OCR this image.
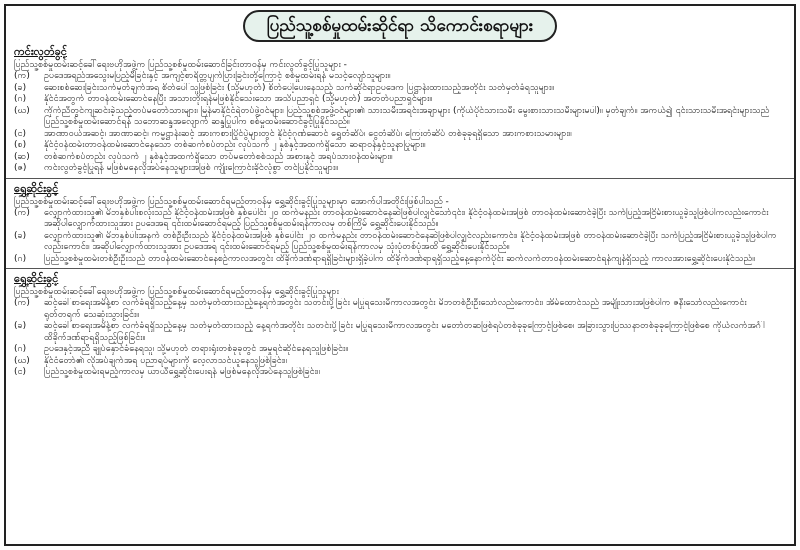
ပြည်သူ့စစ်မှုထမ်းဆိုင်ရာ သိကောင်းစရာများ
ကင်းလွတ်ခွင့်
ပြည်သူ့စစ်မှုထမ်းဆင့်ခေါ်ရေးဗဟိုအဖွဲ့က ပြည်သူ့စစ်မှုထမ်းဆောင်ခြင်းတာဝန်မှ ကင်းလွတ်ခွင့်ပြုသူများ -
(က)	ဥပဒေအရည်အသွေးမပြည့်မီခြင်းနှင့် အကျင့်စာရိတ္တပျက်ပြားခြင်းတို့ကြောင့် စစ်မှုထမ်းရန် မသင့်လျော်သူများ။
(ခ)	ဆေးစစ်ဆေးခြင်းသက်မှတ်ချက်အရ စိတ်ပေါ်သူဖြစ်ခြင်း (သို့မဟုတ်) စိတ်ပေါ့ပေးနေသည့် သက်ဆိုင်ရာဥပဒေက ပြဋ္ဌာန်းထားသည့်အတိုင်း သတ်မှတ်ခံရသူများ။
(ဂ)	နိုင်ငံအတွက် တာဝန်ထမ်းဆောင်နေပြီး အသားတိုးရန်မဖြစ်နိုင်သေးသော အသိပညာရှင် (သို့မဟုတ်) အတတ်ပညာရှင်များ။
(ဃ)	ကိုက်ညီတွင်ကျဆင်းခဲ့သည့်တပ်မတော်သားများ၊ မြန်မာနိုင်ငံရဲတပ်ဖွဲ့ဝင်များ၊ ပြည်သူ့စစ်အဖွဲ့ဝင်များ၏ သားသမီးအရင်းအချာများ (ကိုယ်ပိုင်သားသမီး မွေးစားသားသမီးများမပါ)။ မှတ်ချက်။ အကယ်၍ ၎င်းသားသမီးအရင်းများသည် ပြည်သူ့စစ်မှုထမ်းဆောင်ရန် သဘောဆန္ဒအလျောက် ဆန္ဒပြုပါက စစ်မှုထမ်းဆောင်ခွင့်ပြုနိုင်သည်။
(င)	အာဏာဝယ်အဆင့်၊ အာဏာဆင့်၊ ကမ္မဋ္ဌာန်းဆင့် အားကစားပြိုင်ပွဲများတွင် နိုင်ငံ့ဂုဏ်ဆောင် ရွှေတံဆိပ်၊ ငွေတံဆိပ်၊ ကြေးတံဆိပ် တစ်ခုခုရရှိသော အားကစားသမားများ။
(စ)	နိုင်ငံ့ဝန်ထမ်းတာဝန်ထမ်းဆောင်နေသော တစ်ဆက်စပ်တည်း လုပ်သက် ၂ နှစ်နှင့်အထက်ရှိသော ဆရာဝန်နှင့်သူနာပြုများ။
(ဆ)	တစ်ဆက်စပ်တည်း လုပ်သက် ၂ နှစ်နှင့်အထက်ရှိသော တပ်မတော်စစ်သည် အစားနှင့် အရပ်သားဝန်ထမ်းများ။
(ဇ)	ကင်းလွတ်ခွင့်ပြုရန် မဖြစ်မနေလိုအပ်နေသူများအဖြစ် ကျိုးကြောင်းခိုင်လုံစွာ တင်ပြနိုင်သူများ။
ရွှေ့ဆိုင်းခွင့်
ပြည်သူ့စစ်မှုထမ်းဆင့်ခေါ်ရေးဗဟိုအဖွဲ့က ပြည်သူ့စစ်မှုထမ်းဆောင်ရမည့်တာဝန်မှ ရွှေ့ဆိုင်းခွင့်ပြုသူများမှာ အောက်ပါအတိုင်းဖြစ်ပါသည် -
(က)	လျှောက်ထားသူ၏ မိဘနှစ်ပါးစလုံးသည် နိုင်ငံ့ဝန်ထမ်းအဖြစ် နှစ်ပေါင်း ၂၀ ထက်မနည်း တာဝန်ထမ်းဆောင်နေဆဲဖြစ်ပါလျှင်သော်၎င်း၊ နိုင်ငံ့ဝန်ထမ်းအဖြစ် တာဝန်ထမ်းဆောင်ခဲ့ပြီး သက်ပြည့်အငြိမ်းစားယူခဲ့သူဖြစ်ပါကလည်းကောင်း အဆိုပါလျှောက်ထားသူအား ဥပဒေအရ ၎င်းထမ်းဆောင်ရမည့် ပြည်သူ့စစ်မှုထမ်းရန်ကာလမှ တစ်ကြိမ် ရွှေ့ဆိုင်းပေးနိုင်သည်။
(ခ)	လျှောက်ထားသူ၏ မိဘနှစ်ပါးအနက် တစ်ဦးဦးသည် နိုင်ငံ့ဝန်ထမ်းအဖြစ် နှစ်ပေါင်း ၂၀ ထက်မနည်း တာဝန်ထမ်းဆောင်နေဆဲဖြစ်ပါလျှင်လည်းကောင်း၊ နိုင်ငံ့ဝန်ထမ်းအဖြစ် တာဝန်ထမ်းဆောင်ခဲ့ပြီး သက်ပြည့်အငြိမ်းစားယူခဲ့သူဖြစ်ပါက လည်းကောင်း၊ အဆိုပါလျှောက်ထားသူအား ဥပဒေအရ ၎င်းထမ်းဆောင်ရမည့် ပြည်သူ့စစ်မှုထမ်းရန်ကာလမှ သုံးပုံတစ်ပုံအထိ ရွှေ့ဆိုင်းပေးနိုင်သည်။
(ဂ)	ပြည်သူ့စစ်မှုထမ်းတစ်ဦးဦးသည် တာဝန်ထမ်းဆောင်နေစဉ်ကာလအတွင်း ထိခိုက်ဒဏ်ရာရရှိခြင်းများရှိခဲ့ပါက ထိခိုက်ဒဏ်ရာရရှိသည့်နေ့နောက်ပိုင်း ဆက်လက်တာဝန်ထမ်းဆောင်ရန်ကျန်ရှိသည့် ကာလအားရွှေ့ဆိုင်းပေးနိုင်သည်။
ရွှေ့ဆိုင်းခွင့်
ပြည်သူ့စစ်မှုထမ်းဆင့်ခေါ်ရေးဗဟိုအဖွဲ့က ပြည်သူ့စစ်မှုထမ်းဆောင်ရမည့်တာဝန်မှ ရွှေ့ဆိုင်းခွင့်ပြုသူများ
(က)	ဆင့်ခေါ်စာရေးအမိန့်စာ လက်ခံရရှိသည့်နေ့မှ သတ်မှတ်ထားသည့်နေ့ရက်အတွင်း သတင်းပို့ခြင်း မပြုရသေးမီကာလအတွင်း မိဘတစ်ဦးဦးသော်လည်းကောင်း၊ အိမ်ထောင်သည် အမျိုးသားအဖြစ်ပါက ဇနီးသော်လည်းကောင်း ရုတ်တရက် သေဆုံးသွားခြင်း။
(ခ)	ဆင့်ခေါ်စာရေးအမိန့်စာ လက်ခံရရှိသည့်နေ့မှ သတ်မှတ်ထားသည့် နေ့ရက်အတိုင်း သတင်းပို့ခြင်း မပြုရသေးမီကာလအတွင်း မတော်တဆဖြစ်ရပ်တစ်ခုခုကြောင့်ဖြစ်စေ၊ အခြားသွားပြဿနာတစ်ခုခုကြောင့်ဖြစ်စေ ကိုယ်လက်အင်္ဂါ ထိခိုက်ဒဏ်ရာရရှိသည့်ဖြစ်ခြင်း။
(ဂ)	ဥပဒေနှင့်အညီ ချုပ်နှောင်ခံနေရသူ၊ သို့မဟုတ် တရားရုံးတစ်ခုခုတွင် အမှုရင်ဆိုင်နေရသူဖြစ်ခြင်း။
(ဃ)	နိုင်ငံတော်၏ လိုအပ်ချက်အရ ပညာရပ်များကို လေ့လာသင်ယူနေသူဖြစ်ခြင်း။
(င)	ပြည်သူ့စစ်မှုထမ်းရမည့်ကာလမှ ယာယီရွှေ့ဆိုင်းပေးရန် မဖြစ်မနေလိုအပ်နေသူဖြစ်ခြင်း။
